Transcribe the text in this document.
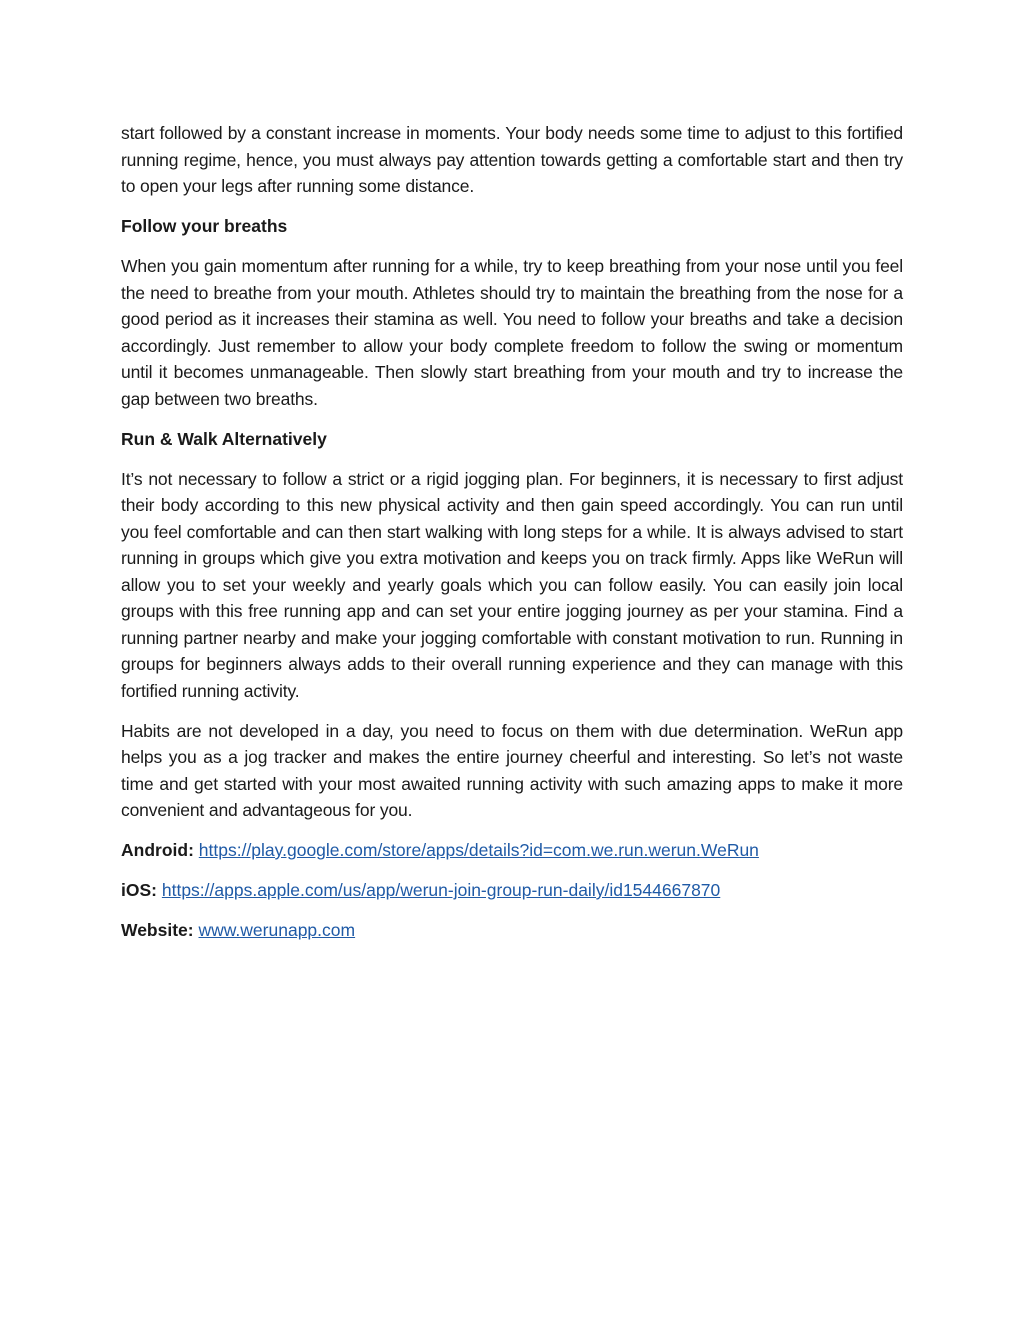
start followed by a constant increase in moments. Your body needs some time to adjust to this fortified running regime, hence, you must always pay attention towards getting a comfortable start and then try to open your legs after running some distance.

Follow your breaths

When you gain momentum after running for a while, try to keep breathing from your nose until you feel the need to breathe from your mouth. Athletes should try to maintain the breathing from the nose for a good period as it increases their stamina as well. You need to follow your breaths and take a decision accordingly. Just remember to allow your body complete freedom to follow the swing or momentum until it becomes unmanageable. Then slowly start breathing from your mouth and try to increase the gap between two breaths.

Run & Walk Alternatively

It’s not necessary to follow a strict or a rigid jogging plan. For beginners, it is necessary to first adjust their body according to this new physical activity and then gain speed accordingly. You can run until you feel comfortable and can then start walking with long steps for a while. It is always advised to start running in groups which give you extra motivation and keeps you on track firmly. Apps like WeRun will allow you to set your weekly and yearly goals which you can follow easily. You can easily join local groups with this free running app and can set your entire jogging journey as per your stamina. Find a running partner nearby and make your jogging comfortable with constant motivation to run. Running in groups for beginners always adds to their overall running experience and they can manage with this fortified running activity.

Habits are not developed in a day, you need to focus on them with due determination. WeRun app helps you as a jog tracker and makes the entire journey cheerful and interesting. So let’s not waste time and get started with your most awaited running activity with such amazing apps to make it more convenient and advantageous for you.

Android: https://play.google.com/store/apps/details?id=com.we.run.werun.WeRun

iOS: https://apps.apple.com/us/app/werun-join-group-run-daily/id1544667870

Website: www.werunapp.com
